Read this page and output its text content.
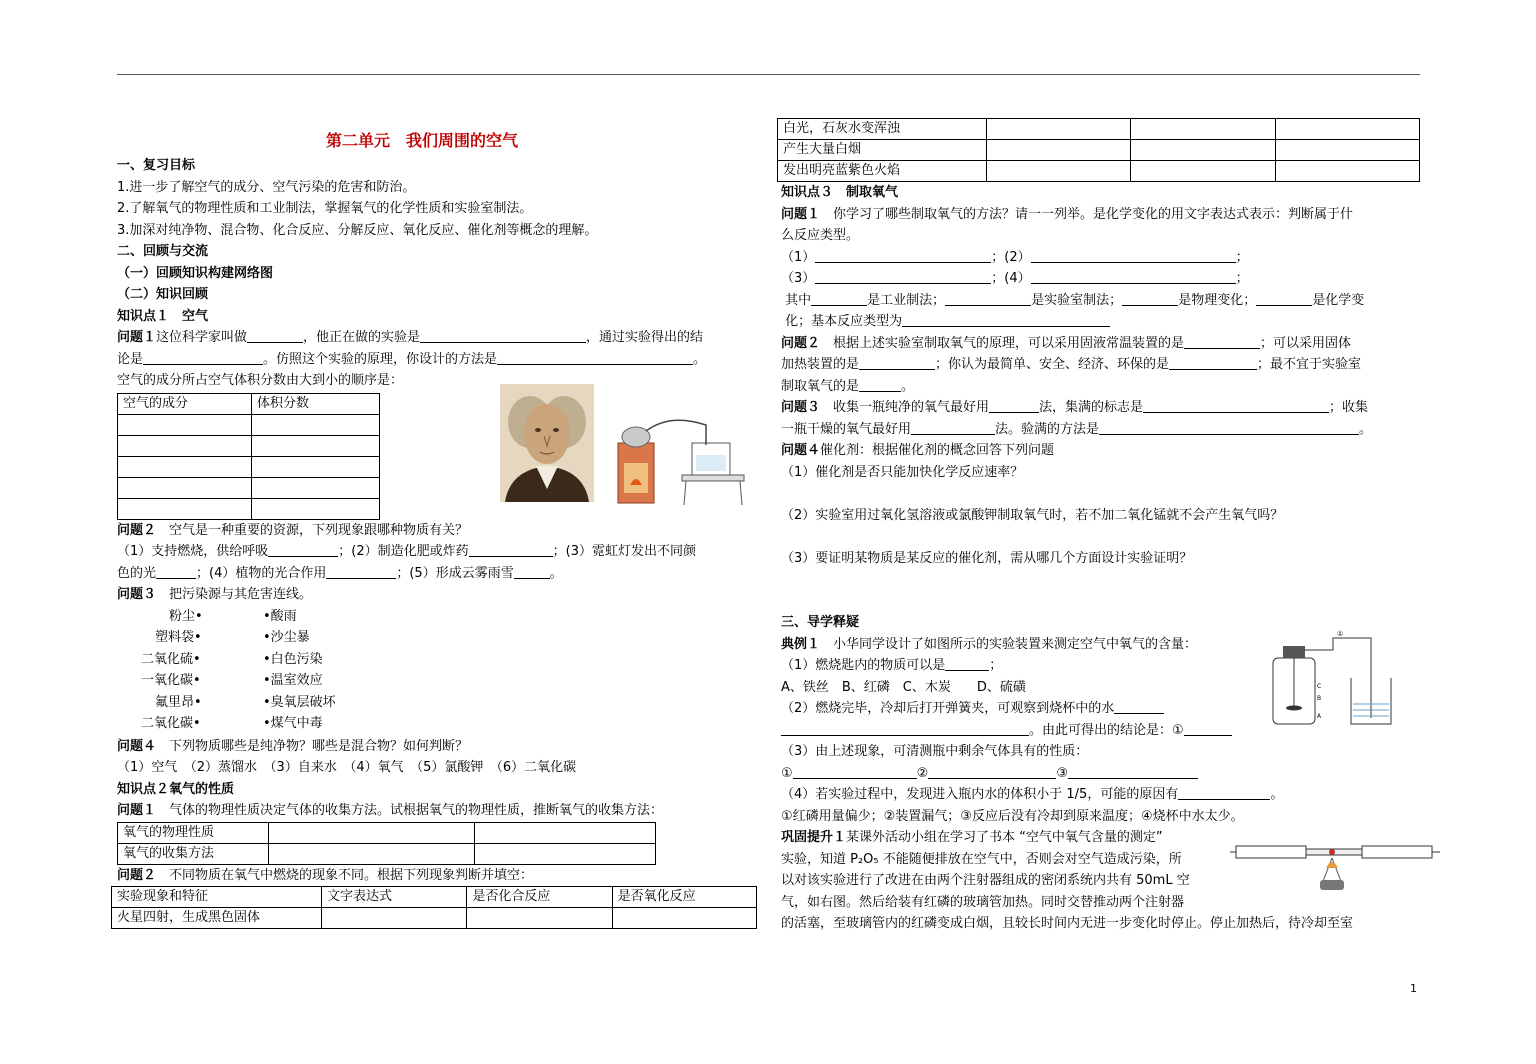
第二单元　我们周围的空气

一、复习目标

1.进一步了解空气的成分、空气污染的危害和防治。

2.了解氧气的物理性质和工业制法，掌握氧气的化学性质和实验室制法。

3.加深对纯净物、混合物、化合反应、分解反应、氧化反应、催化剂等概念的理解。

二、回顾与交流

（一）回顾知识构建网络图

（二）知识回顾

知识点１　空气

问题１这位科学家叫做	，他正在做的实验是	，通过实验得出的结

论是	。仿照这个实验的原理，你设计的方法是	。

空气的成分所占空气体积分数由大到小的顺序是：

空气的成分	体积分数

问题２　空气是一种重要的资源，下列现象跟哪种物质有关？

（1）支持燃烧，供给呼吸	；(2）制造化肥或炸药	；(3）霓虹灯发出不同颜

色的光	；(4）植物的光合作用	；(5）形成云雾雨雪	。

问题３　把污染源与其危害连线。

粉尘•
塑料袋•
二氧化硫•
一氧化碳•
氟里昂•
二氧化碳•
•酸雨
•沙尘暴
•白色污染
•温室效应
•臭氧层破坏
•煤气中毒

问题４　下列物质哪些是纯净物？哪些是混合物？如何判断？

（1）空气　（2）蒸馏水　（3）自来水　（4）氧气　（5）氯酸钾　（6）二氧化碳

知识点２氧气的性质

问题１　气体的物理性质决定气体的收集方法。试根据氧气的物理性质，推断氧气的收集方法：

氧气的物理性质		
氧气的收集方法		

问题２　不同物质在氧气中燃烧的现象不同。根据下列现象判断并填空：

实验现象和特征	文字表达式	是否化合反应	是否氧化反应
火星四射，生成黑色固体			
白光，石灰水变浑浊			
产生大量白烟			
发出明亮蓝紫色火焰			

知识点３　制取氧气

问题１　你学习了哪些制取氧气的方法？请一一列举。是化学变化的用文字表达式表示：判断属于什

么反应类型。

（1）	；(2）	；

（3）	；(4）	；

其中	是工业制法；	是实验室制法；	是物理变化；	是化学变

化；基本反应类型为

问题２　根据上述实验室制取氧气的原理，可以采用固液常温装置的是	；可以采用固体

加热装置的是	；你认为最简单、安全、经济、环保的是	；最不宜于实验室

制取氧气的是	。

问题３　收集一瓶纯净的氧气最好用	法，集满的标志是	；收集

一瓶干燥的氧气最好用	法。验满的方法是	。

问题４催化剂：根据催化剂的概念回答下列问题

（1）催化剂是否只能加快化学反应速率？

（2）实验室用过氧化氢溶液或氯酸钾制取氧气时，若不加二氧化锰就不会产生氧气吗？

（3）要证明某物质是某反应的催化剂，需从哪几个方面设计实验证明？

三、导学释疑

典例１　小华同学设计了如图所示的实验装置来测定空气中氧气的含量：

（1）燃烧匙内的物质可以是	；

A、铁丝　B、红磷　C、木炭　　D、硫磺

（2）燃烧完毕，冷却后打开弹簧夹，可观察到烧杯中的水

。由此可得出的结论是：①

（3）由上述现象，可清测瓶中剩余气体具有的性质：

①	②	③

（4）若实验过程中，发现进入瓶内水的体积小于 1/5，可能的原因有	。

①红磷用量偏少；②装置漏气；③反应后没有冷却到原来温度；④烧杯中水太少。

巩固提升１某课外活动小组在学习了书本 “空气中氧气含量的测定”

实验，知道 P₂O₅ 不能随便排放在空气中，否则会对空气造成污染，所

以对该实验进行了改进在由两个注射器组成的密闭系统内共有 50mL 空

气，如右图。然后给装有红磷的玻璃管加热。同时交替推动两个注射器

的活塞，至玻璃管内的红磷变成白烟，且较长时间内无进一步变化时停止。停止加热后，待冷却至室

C
B
A
①
1
